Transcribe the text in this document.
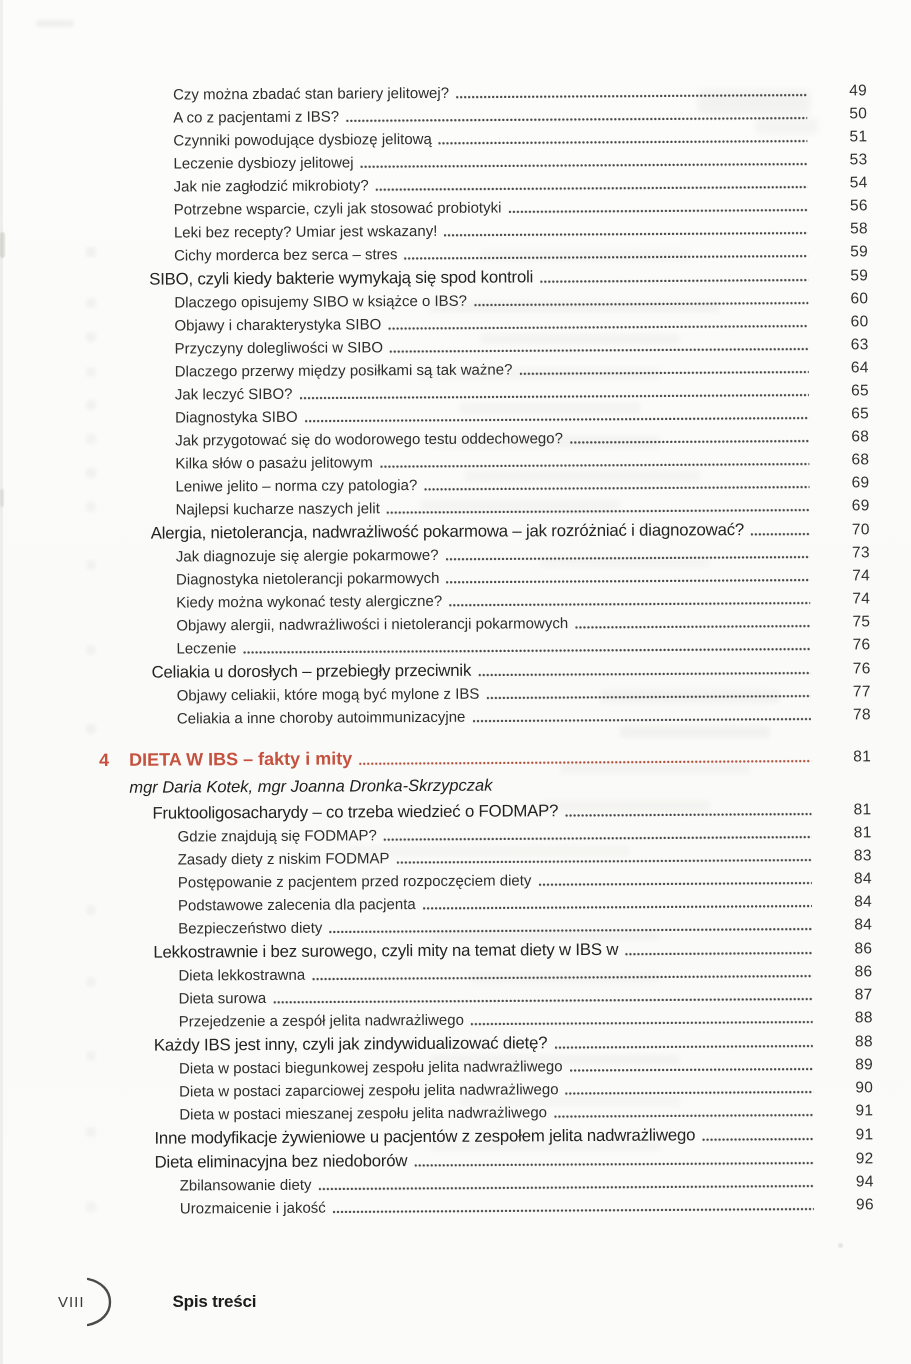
Czy można zbadać stan bariery jelitowej?	49
A co z pacjentami z IBS?	50
Czynniki powodujące dysbiozę jelitową	51
Leczenie dysbiozy jelitowej	53
Jak nie zagłodzić mikrobioty?	54
Potrzebne wsparcie, czyli jak stosować probiotyki	56
Leki bez recepty? Umiar jest wskazany!	58
Cichy morderca bez serca – stres	59
SIBO, czyli kiedy bakterie wymykają się spod kontroli	59
Dlaczego opisujemy SIBO w książce o IBS?	60
Objawy i charakterystyka SIBO	60
Przyczyny dolegliwości w SIBO	63
Dlaczego przerwy między posiłkami są tak ważne?	64
Jak leczyć SIBO?	65
Diagnostyka SIBO	65
Jak przygotować się do wodorowego testu oddechowego?	68
Kilka słów o pasażu jelitowym	68
Leniwe jelito – norma czy patologia?	69
Najlepsi kucharze naszych jelit	69
Alergia, nietolerancja, nadwrażliwość pokarmowa – jak rozróżniać i diagnozować?	70
Jak diagnozuje się alergie pokarmowe?	73
Diagnostyka nietolerancji pokarmowych	74
Kiedy można wykonać testy alergiczne?	74
Objawy alergii, nadwrażliwości i nietolerancji pokarmowych	75
Leczenie	76
Celiakia u dorosłych – przebiegły przeciwnik	76
Objawy celiakii, które mogą być mylone z IBS	77
Celiakia a inne choroby autoimmunizacyjne	78
4	DIETA W IBS – fakty i mity	81
mgr Daria Kotek, mgr Joanna Dronka-Skrzypczak
Fruktooligosacharydy – co trzeba wiedzieć o FODMAP?	81
Gdzie znajdują się FODMAP?	81
Zasady diety z niskim FODMAP	83
Postępowanie z pacjentem przed rozpoczęciem diety	84
Podstawowe zalecenia dla pacjenta	84
Bezpieczeństwo diety	84
Lekkostrawnie i bez surowego, czyli mity na temat diety w IBS w	86
Dieta lekkostrawna	86
Dieta surowa	87
Przejedzenie a zespół jelita nadwrażliwego	88
Każdy IBS jest inny, czyli jak zindywidualizować dietę?	88
Dieta w postaci biegunkowej zespołu jelita nadwrażliwego	89
Dieta w postaci zaparciowej zespołu jelita nadwrażliwego	90
Dieta w postaci mieszanej zespołu jelita nadwrażliwego	91
Inne modyfikacje żywieniowe u pacjentów z zespołem jelita nadwrażliwego	91
Dieta eliminacyjna bez niedoborów	92
Zbilansowanie diety	94
Urozmaicenie i jakość	96
VIII	Spis treści
